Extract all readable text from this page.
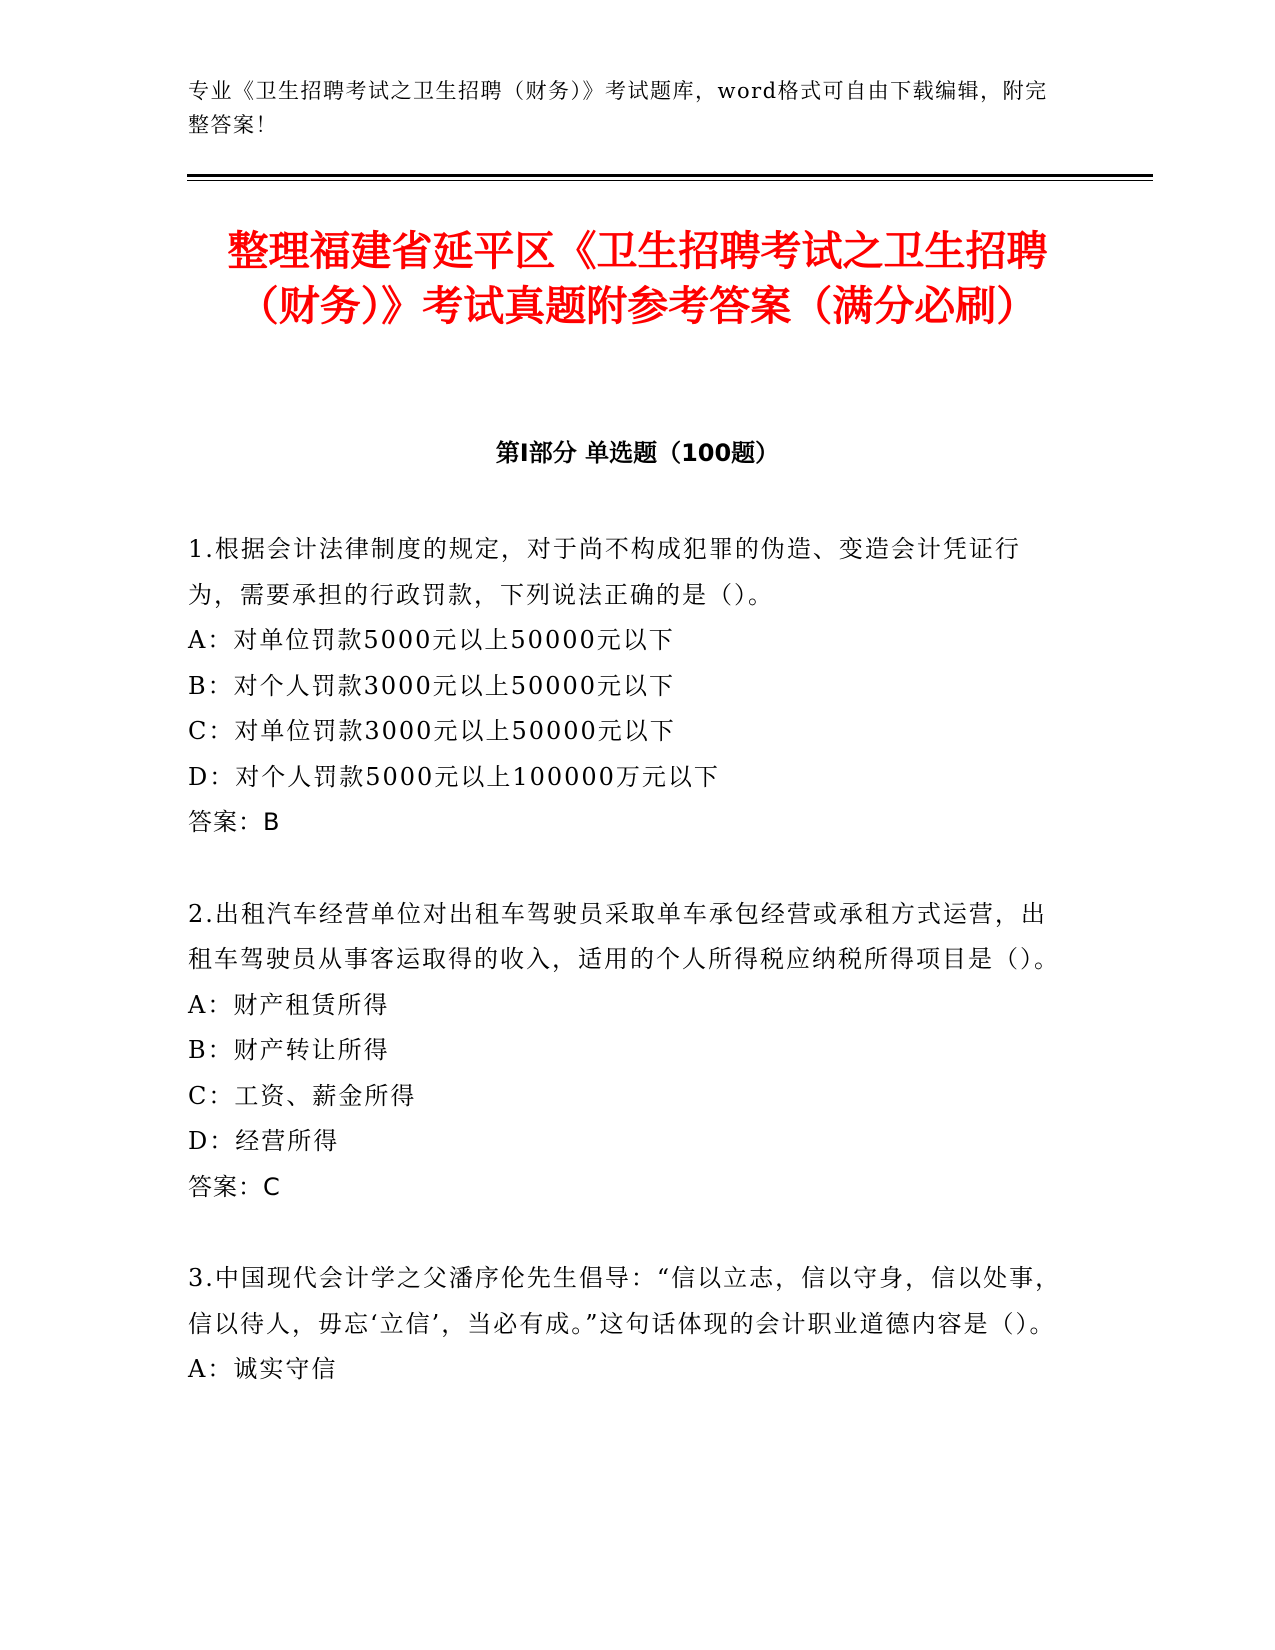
专业《卫生招聘考试之卫生招聘（财务）》考试题库，word格式可自由下载编辑，附完整答案！
整理福建省延平区《卫生招聘考试之卫生招聘（财务）》考试真题附参考答案（满分必刷）
第Ⅰ部分 单选题（100题）

1.根据会计法律制度的规定，对于尚不构成犯罪的伪造、变造会计凭证行为，需要承担的行政罚款，下列说法正确的是（）。

A：对单位罚款5000元以上50000元以下

B：对个人罚款3000元以上50000元以下

C：对单位罚款3000元以上50000元以下

D：对个人罚款5000元以上100000万元以下

答案：B

2.出租汽车经营单位对出租车驾驶员采取单车承包经营或承租方式运营，出租车驾驶员从事客运取得的收入，适用的个人所得税应纳税所得项目是（）。

A：财产租赁所得

B：财产转让所得

C：工资、薪金所得

D：经营所得

答案：C

3.中国现代会计学之父潘序伦先生倡导：“信以立志，信以守身，信以处事，信以待人，毋忘‘立信’，当必有成。”这句话体现的会计职业道德内容是（）。

A：诚实守信
